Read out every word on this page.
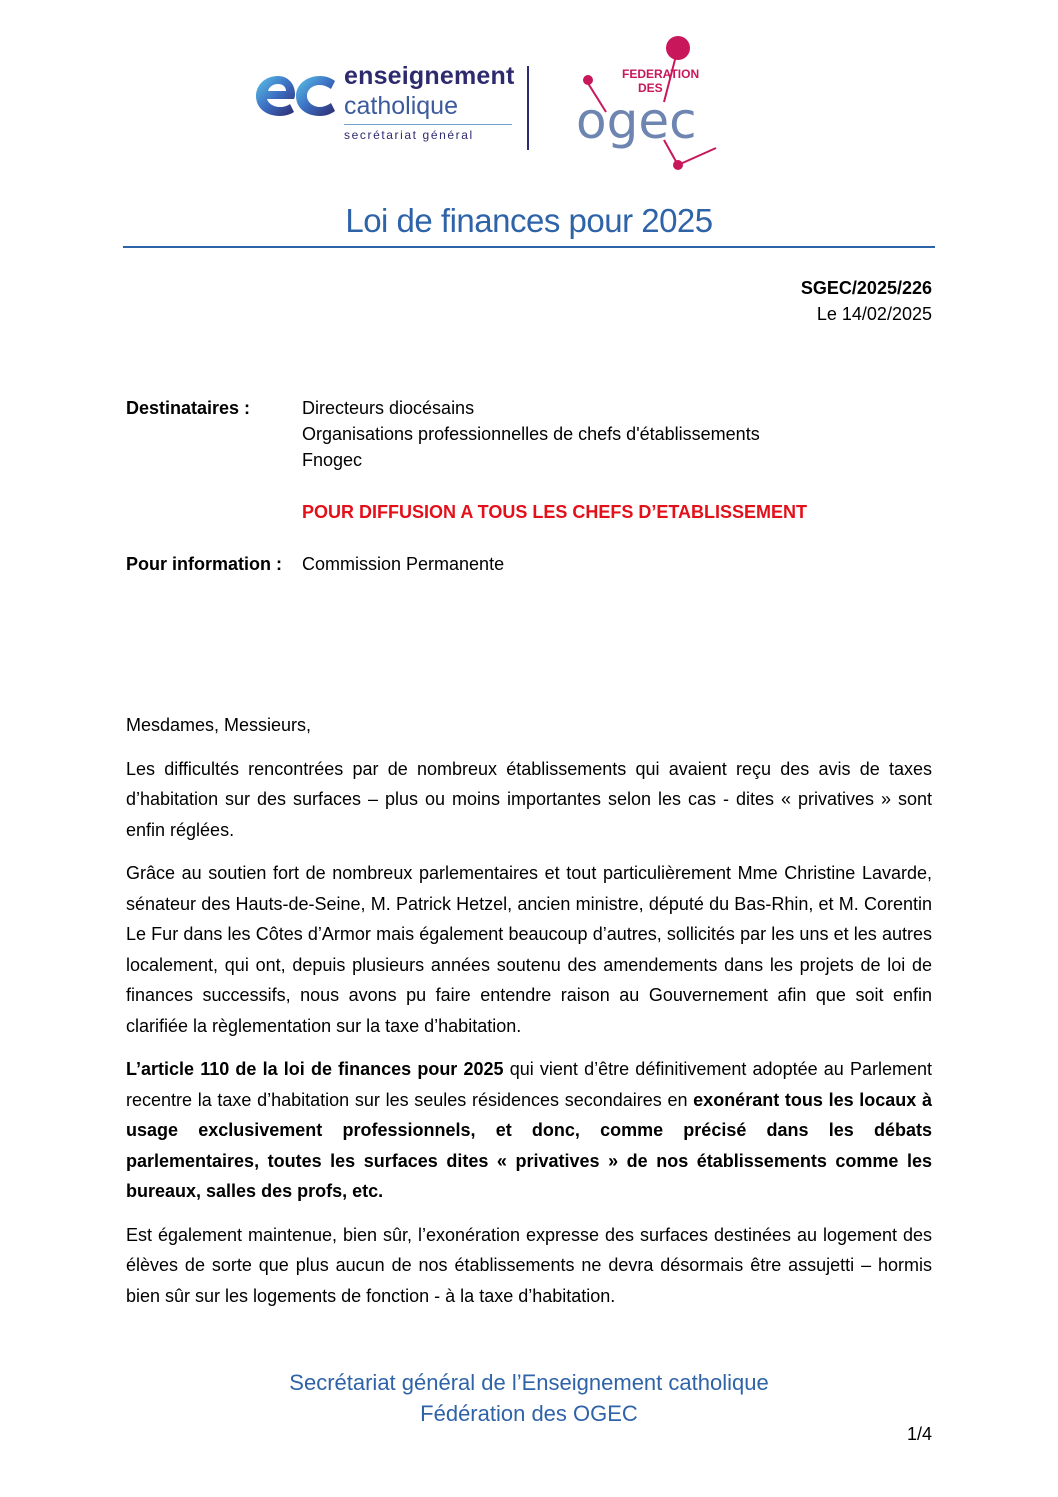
enseignement
catholique
secrétariat général
FEDERATION
DES
ogec
Loi de finances pour 2025
SGEC/2025/226
Le 14/02/2025
Destinataires :	Directeurs diocésains
Organisations professionnelles de chefs d'établissements
Fnogec
POUR DIFFUSION A TOUS LES CHEFS D’ETABLISSEMENT
Pour information : Commission Permanente

Mesdames, Messieurs,

Les difficultés rencontrées par de nombreux établissements qui avaient reçu des avis de taxes d’habitation sur des surfaces – plus ou moins importantes selon les cas - dites « privatives » sont enfin réglées.

Grâce au soutien fort de nombreux parlementaires et tout particulièrement Mme Christine Lavarde, sénateur des Hauts-de-Seine, M. Patrick Hetzel, ancien ministre, député du Bas-Rhin, et M. Corentin Le Fur dans les Côtes d’Armor mais également beaucoup d’autres, sollicités par les uns et les autres localement, qui ont, depuis plusieurs années soutenu des amendements dans les projets de loi de finances successifs, nous avons pu faire entendre raison au Gouvernement afin que soit enfin clarifiée la règlementation sur la taxe d’habitation.

L’article 110 de la loi de finances pour 2025 qui vient d’être définitivement adoptée au Parlement recentre la taxe d’habitation sur les seules résidences secondaires en exonérant tous les locaux à usage exclusivement professionnels, et donc, comme précisé dans les débats parlementaires, toutes les surfaces dites « privatives » de nos établissements comme les bureaux, salles des profs, etc.

Est également maintenue, bien sûr, l’exonération expresse des surfaces destinées au logement des élèves de sorte que plus aucun de nos établissements ne devra désormais être assujetti – hormis bien sûr sur les logements de fonction - à la taxe d’habitation.

Secrétariat général de l’Enseignement catholique
Fédération des OGEC
1/4
